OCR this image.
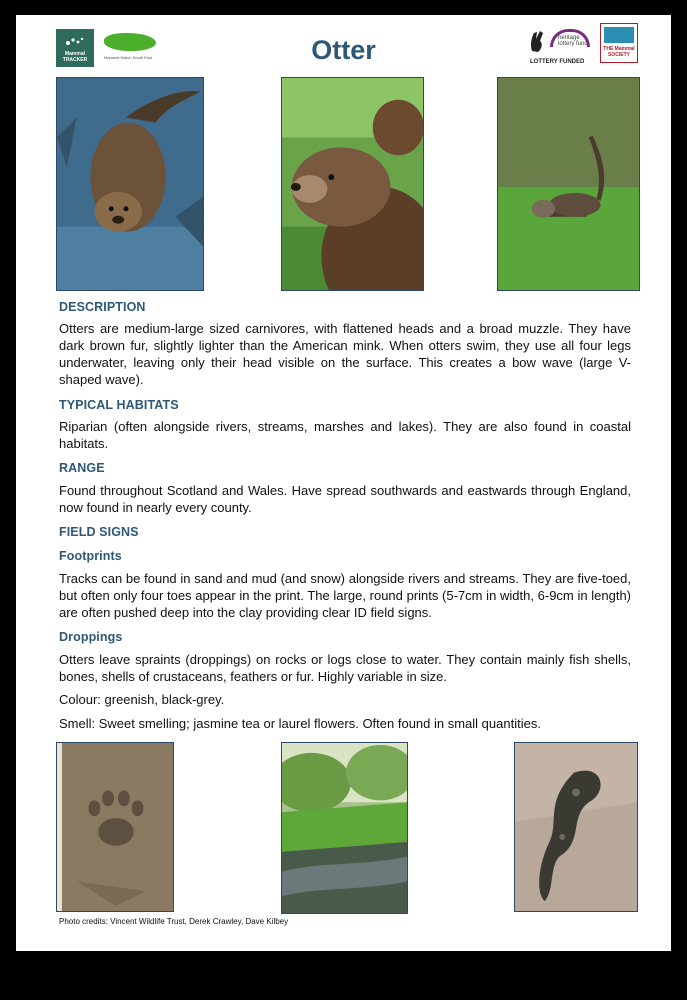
Mammal TRACKER	Mammal Watch South East	Otter	heritage lottery fund
LOTTERY FUNDED
THE Mammal SOCIETY
DESCRIPTION

Otters are medium-large sized carnivores, with flattened heads and a broad muzzle. They have dark brown fur, slightly lighter than the American mink. When otters swim, they use all four legs underwater, leaving only their head visible on the surface. This creates a bow wave (large V-shaped wave).

TYPICAL HABITATS

Riparian (often alongside rivers, streams, marshes and lakes). They are also found in coastal habitats.

RANGE

Found throughout Scotland and Wales. Have spread southwards and eastwards through England, now found in nearly every county.

FIELD SIGNS
Footprints

Tracks can be found in sand and mud (and snow) alongside rivers and streams. They are five-toed, but often only four toes appear in the print. The large, round prints (5-7cm in width, 6-9cm in length) are often pushed deep into the clay providing clear ID field signs.

Droppings

Otters leave spraints (droppings) on rocks or logs close to water. They contain mainly fish shells, bones, shells of crustaceans, feathers or fur. Highly variable in size.

Colour: greenish, black-grey.

Smell: Sweet smelling; jasmine tea or laurel flowers. Often found in small quantities.

Photo credits: Vincent Wildlife Trust, Derek Crawley, Dave Kilbey
